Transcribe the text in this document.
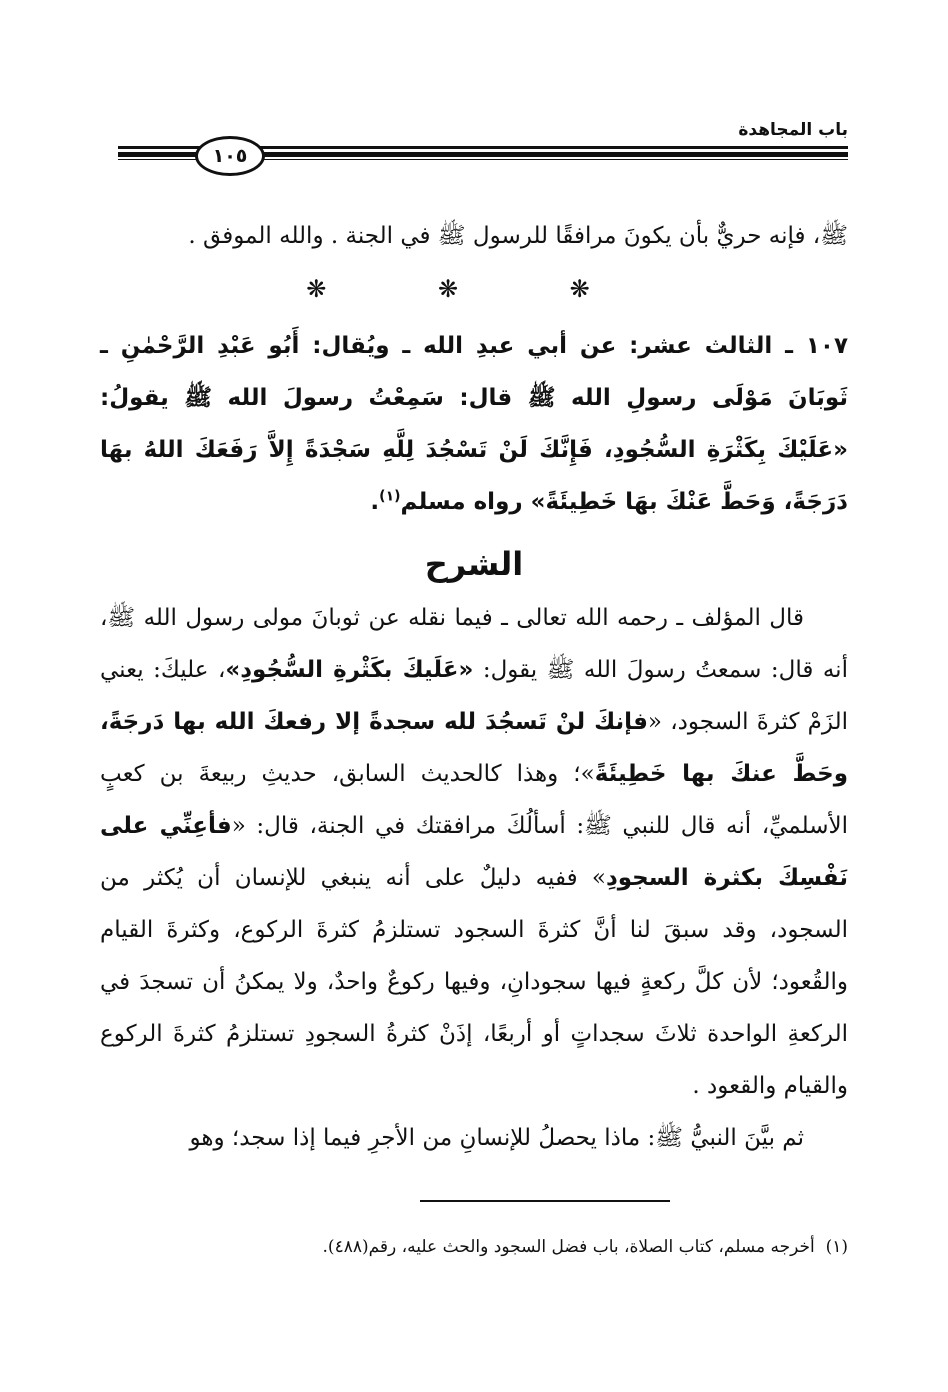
باب المجاهدة
١٠٥

ﷺ، فإنه حريٌّ بأن يكونَ مرافقًا للرسول ﷺ في الجنة . والله الموفق .

❋ ❋ ❋

١٠٧ ـ الثالث عشر: عن أبي عبدِ الله ـ ويُقال: أَبُو عَبْدِ الرَّحْمٰنِ ـ ثَوبَانَ مَوْلَى رسولِ الله ﷺ قال: سَمِعْتُ رسولَ الله ﷺ يقولُ: «عَلَيْكَ بِكَثْرَةِ السُّجُودِ، فَإِنَّكَ لَنْ تَسْجُدَ لِلَّهِ سَجْدَةً إِلاَّ رَفَعَكَ اللهُ بهَا دَرَجَةً، وَحَطَّ عَنْكَ بهَا خَطِيئَةً» رواه مسلم$^{(١)}$.

الشرح

قال المؤلف ـ رحمه الله تعالى ـ فيما نقله عن ثوبانَ مولى رسول الله ﷺ، أنه قال: سمعتُ رسولَ الله ﷺ يقول: «عَلَيكَ بكَثْرةِ السُّجُودِ»، عليكَ: يعني الزَمْ كثرةَ السجود، «فإنكَ لنْ تَسجُدَ لله سجدةً إلا رفعكَ الله بها دَرجَةً، وحَطَّ عنكَ بها خَطِيئَةً»؛ وهذا كالحديث السابق، حديثِ ربيعةَ بن كعبٍ الأسلميِّ، أنه قال للنبي ﷺ: أسألُكَ مرافقتك في الجنة، قال: «فأعِنِّي على نَفْسِكَ بكثرة السجودِ» ففيه دليلٌ على أنه ينبغي للإنسان أن يُكثر من السجود، وقد سبقَ لنا أنَّ كثرةَ السجود تستلزمُ كثرةَ الركوع، وكثرةَ القيام والقُعود؛ لأن كلَّ ركعةٍ فيها سجودانِ، وفيها ركوعٌ واحدٌ، ولا يمكنُ أن تسجدَ في الركعةِ الواحدة ثلاثَ سجداتٍ أو أربعًا، إذَنْ كثرةُ السجودِ تستلزمُ كثرةَ الركوع والقيام والقعود .

ثم بيَّنَ النبيُّ ﷺ: ماذا يحصلُ للإنسانِ من الأجرِ فيما إذا سجد؛ وهو

(١)  أخرجه مسلم، كتاب الصلاة، باب فضل السجود والحث عليه، رقم(٤٨٨).
